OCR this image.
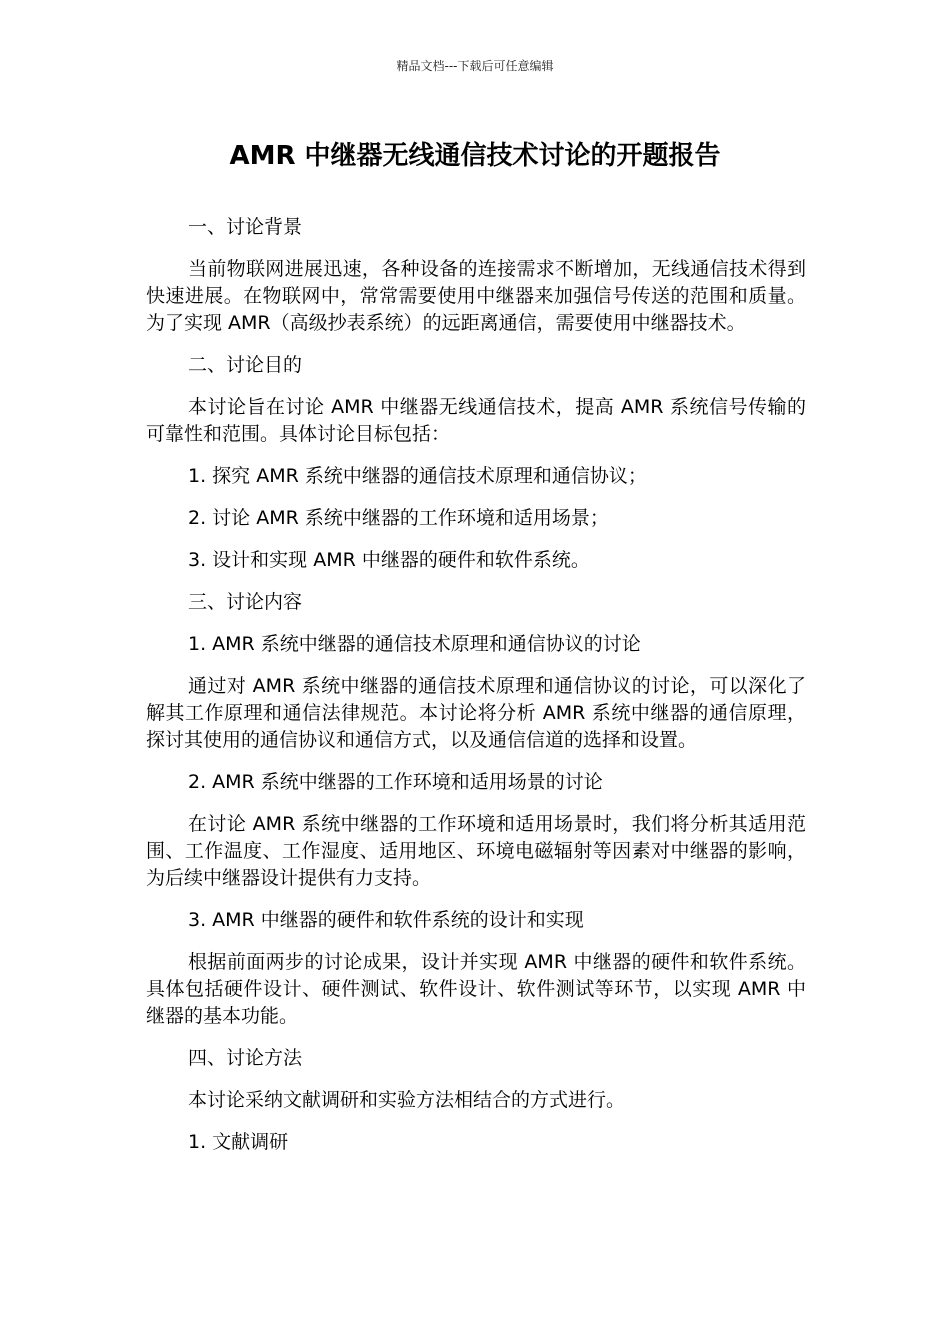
精品文档---下载后可任意编辑
AMR 中继器无线通信技术讨论的开题报告
一、讨论背景
当前物联网进展迅速，各种设备的连接需求不断增加，无线通信技术得到快速进展。在物联网中，常常需要使用中继器来加强信号传送的范围和质量。为了实现 AMR（高级抄表系统）的远距离通信，需要使用中继器技术。
二、讨论目的
本讨论旨在讨论 AMR 中继器无线通信技术，提高 AMR 系统信号传输的可靠性和范围。具体讨论目标包括：
1. 探究 AMR 系统中继器的通信技术原理和通信协议；
2. 讨论 AMR 系统中继器的工作环境和适用场景；
3. 设计和实现 AMR 中继器的硬件和软件系统。
三、讨论内容
1. AMR 系统中继器的通信技术原理和通信协议的讨论
通过对 AMR 系统中继器的通信技术原理和通信协议的讨论，可以深化了解其工作原理和通信法律规范。本讨论将分析 AMR 系统中继器的通信原理，探讨其使用的通信协议和通信方式，以及通信信道的选择和设置。
2. AMR 系统中继器的工作环境和适用场景的讨论
在讨论 AMR 系统中继器的工作环境和适用场景时，我们将分析其适用范围、工作温度、工作湿度、适用地区、环境电磁辐射等因素对中继器的影响，为后续中继器设计提供有力支持。
3. AMR 中继器的硬件和软件系统的设计和实现
根据前面两步的讨论成果，设计并实现 AMR 中继器的硬件和软件系统。具体包括硬件设计、硬件测试、软件设计、软件测试等环节，以实现 AMR 中继器的基本功能。
四、讨论方法
本讨论采纳文献调研和实验方法相结合的方式进行。
1. 文献调研
